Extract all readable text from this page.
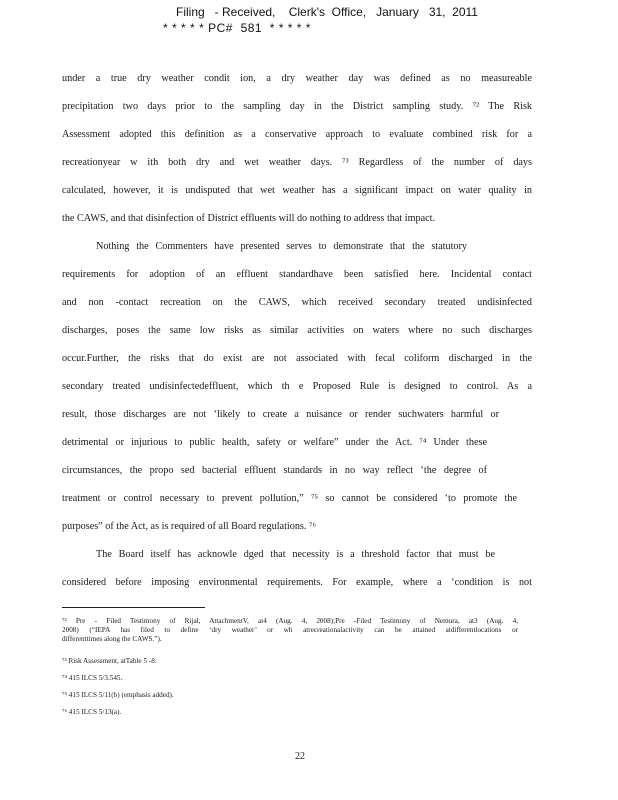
Filing   - Received,    Clerk's  Office,   January   31,  2011
* * * * * PC#  581  * * * * *
under a true dry weather condit ion, a dry weather day was defined as no measureable
precipitation two days prior to the sampling day in the District sampling study. ⁷² The Risk
Assessment adopted this definition as a conservative approach to evaluate combined risk for a
recreationyear w ith both dry and wet weather days. ⁷³ Regardless of the number of days
calculated, however, it is undisputed that wet weather has a significant impact on water quality in
the CAWS, and that disinfection of District effluents will do nothing to address that impact.
Nothing the Commenters have presented serves to demonstrate that the statutory
requirements for adoption of an effluent standardhave been satisfied here. Incidental contact
and non -contact recreation on the CAWS, which received secondary treated undisinfected
discharges, poses the same low risks as similar activities on waters where no such discharges
occur.Further, the risks that do exist are not associated with fecal coliform discharged in the
secondary treated undisinfectedeffluent, which th e Proposed Rule is designed to control. As a
result, those discharges are not ‘likely to create a nuisance or render suchwaters harmful or
detrimental or injurious to public health, safety or welfare” under the Act. ⁷⁴ Under these
circumstances, the propo sed bacterial effluent standards in no way reflect ‘the degree of
treatment or control necessary to prevent pollution,” ⁷⁵ so cannot be considered ‘to promote the
purposes” of the Act, as is required of all Board regulations. ⁷⁶
The Board itself has acknowle dged that necessity is a threshold factor that must be
considered before imposing environmental requirements. For example, where a ‘condition is not
⁷² Pre - Filed Testimony of Rijal, AttachmentV, at4 (Aug. 4, 2008);Pre -Filed Testimony of Nemura, at3 (Aug. 4,
2008) (“IEPA has filed to define ‘dry weather’ or wh atrecreationalactivity can be attained atdifferentlocations or
differenttimes along the CAWS.”).
⁷³ Risk Assessment, atTable 5 -8.
⁷⁴ 415 ILCS 5/3.545.
⁷⁵ 415 ILCS 5/11(b) (emphasis added).
⁷⁶ 415 ILCS 5/13(a).
22
